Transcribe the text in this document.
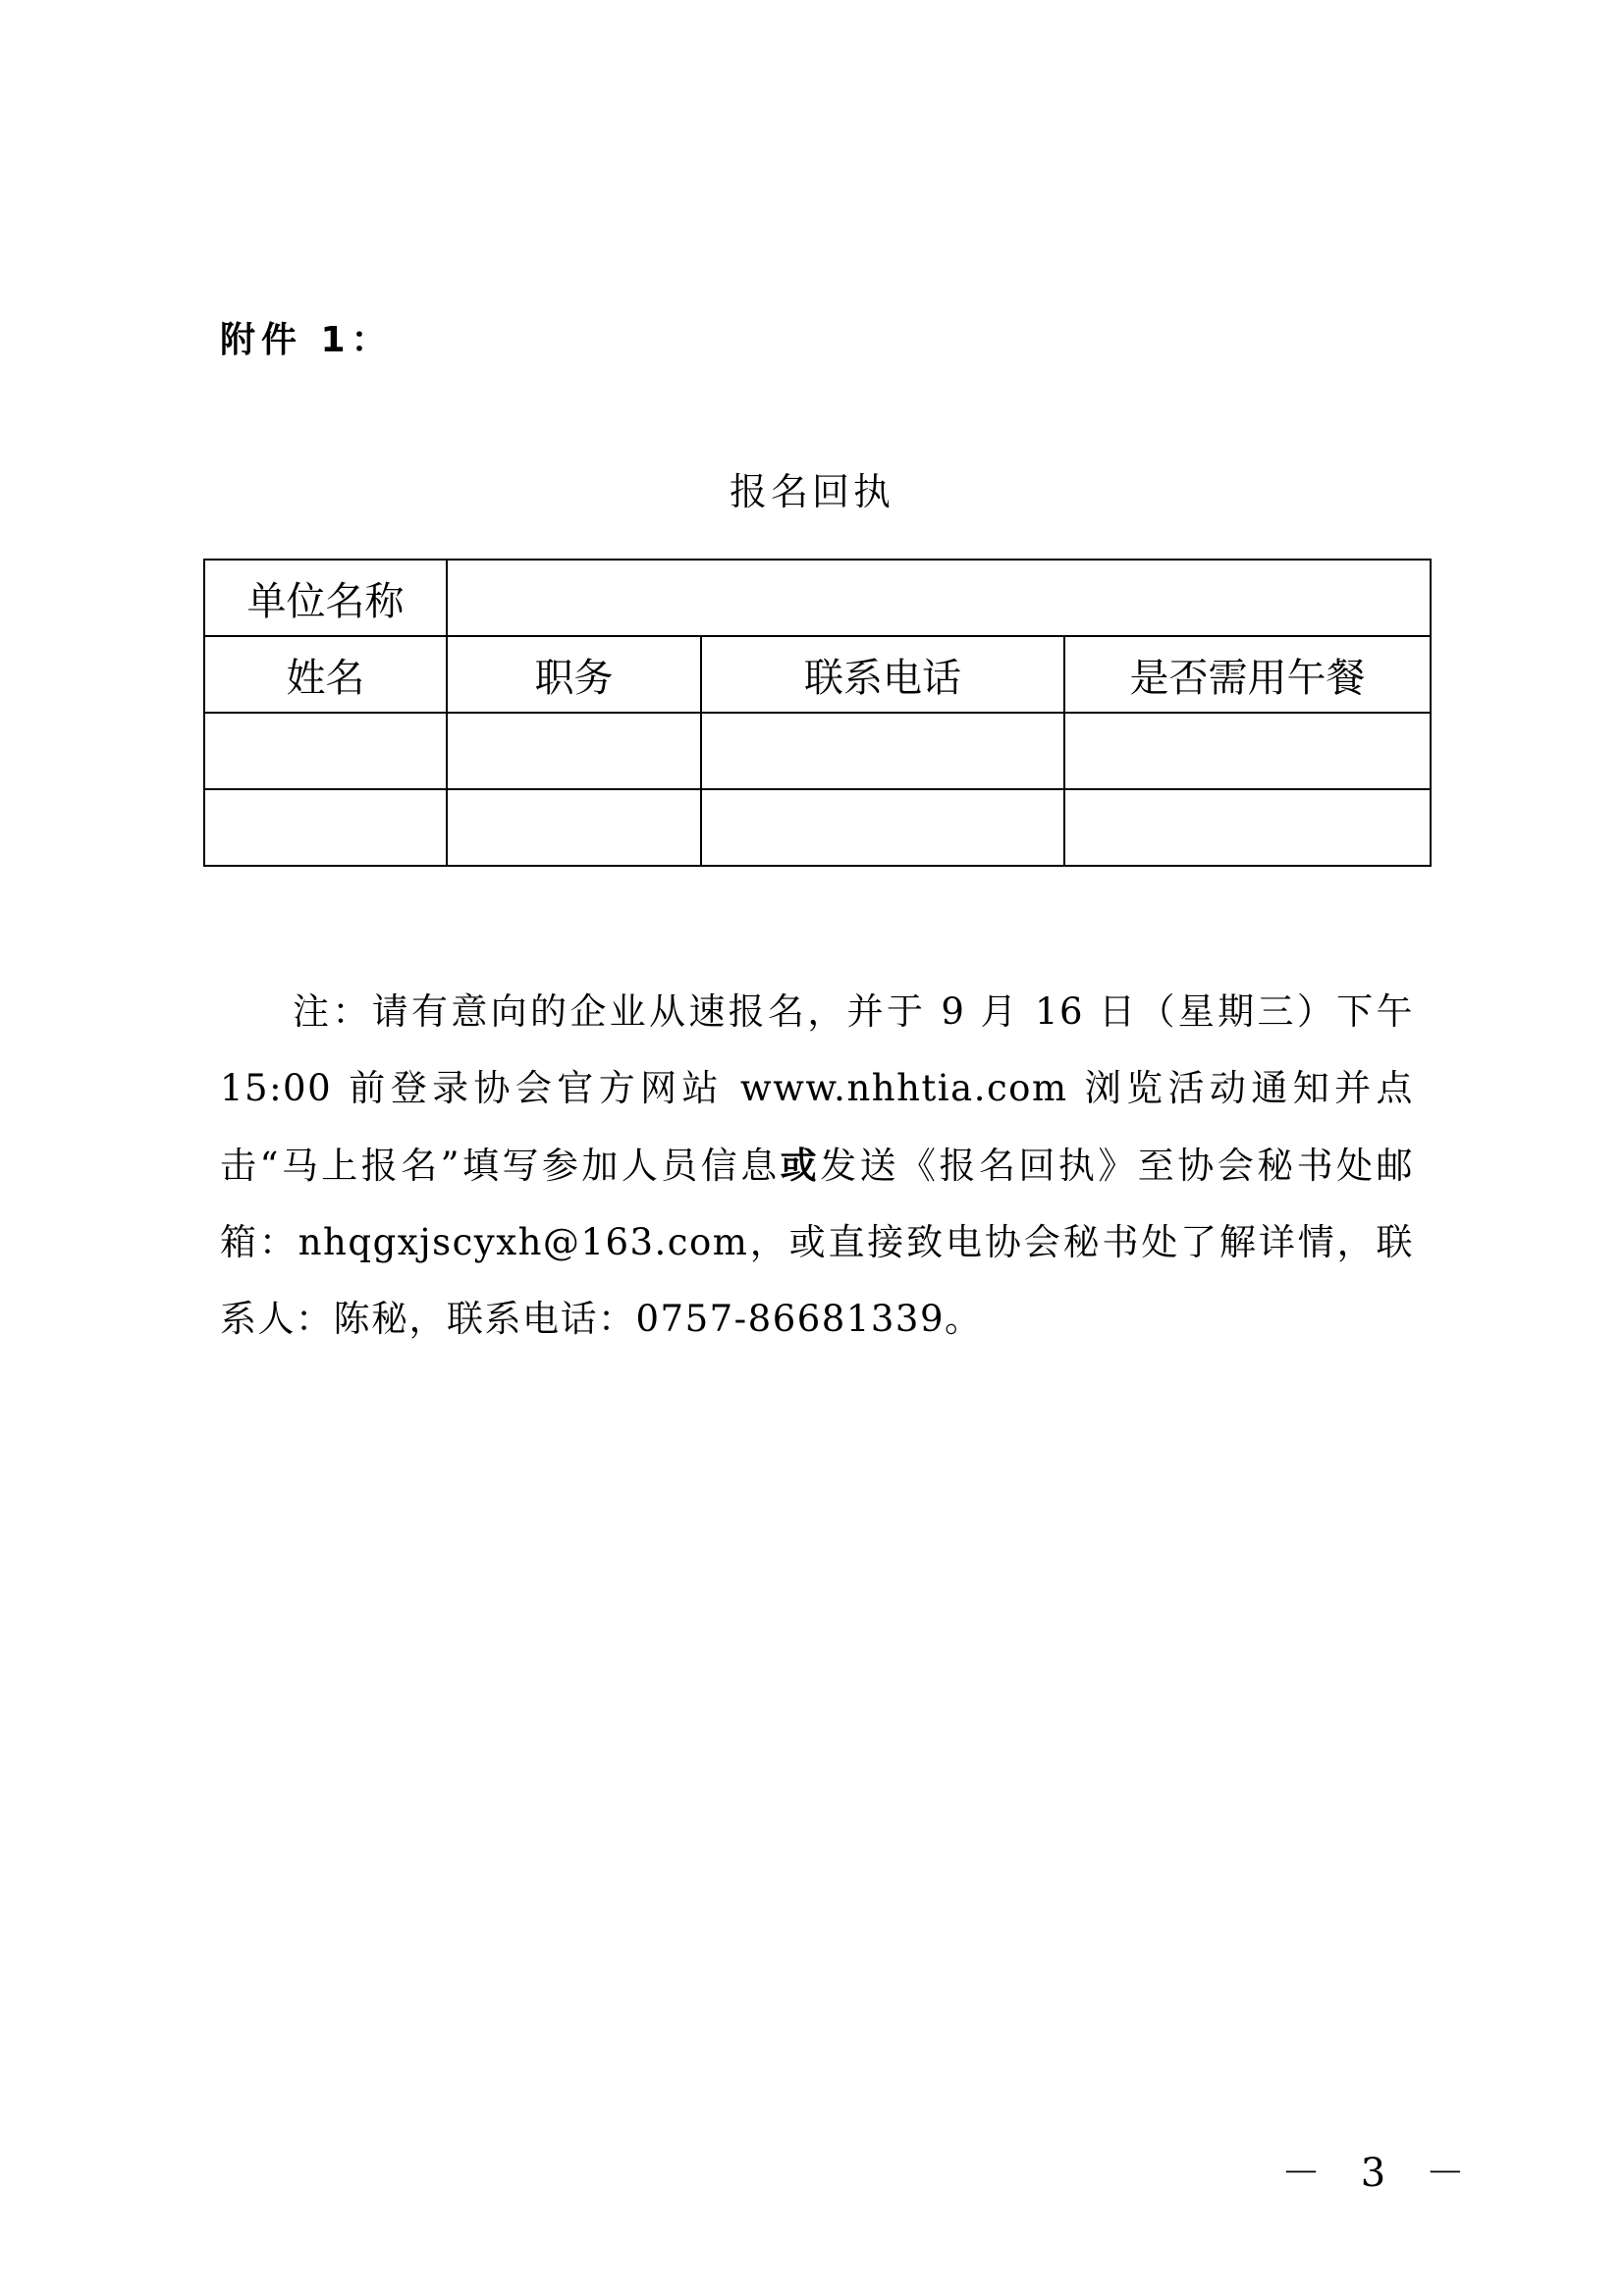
附件 1：
报名回执
单位名称			
姓名	职务	联系电话	是否需用午餐

注：请有意向的企业从速报名，并于 9 月 16 日（星期三）下午 15:00 前登录协会官方网站 www.nhhtia.com 浏览活动通知并点击“马上报名”填写参加人员信息或发送《报名回执》至协会秘书处邮箱：nhqgxjscyxh@163.com，或直接致电协会秘书处了解详情，联系人：陈秘，联系电话：0757-86681339。

－ 3 －
